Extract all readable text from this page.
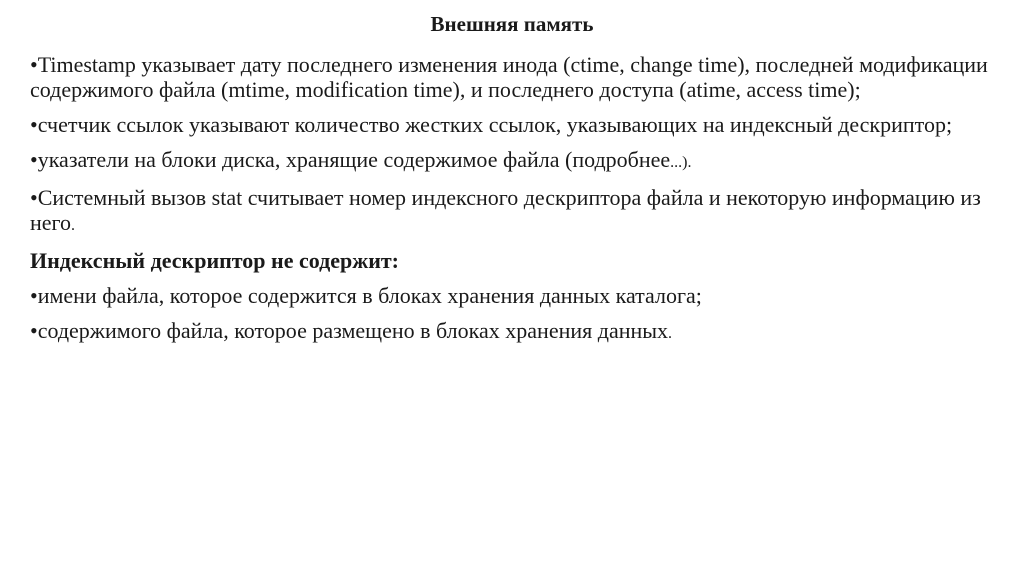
Внешняя память

•Timestamp указывает дату последнего изменения инода (ctime, change time), последней модификации содержимого файла (mtime, modification time), и последнего доступа (atime, access time);

•счетчик ссылок указывают количество жестких ссылок, указывающих на индексный дескриптор;

•указатели на блоки диска, хранящие содержимое файла (подробнее...).

•Системный вызов stat считывает номер индексного дескриптора файла и некоторую информацию из него.

Индексный дескриптор не содержит:

•имени файла, которое содержится в блоках хранения данных каталога;

•содержимого файла, которое размещено в блоках хранения данных.
